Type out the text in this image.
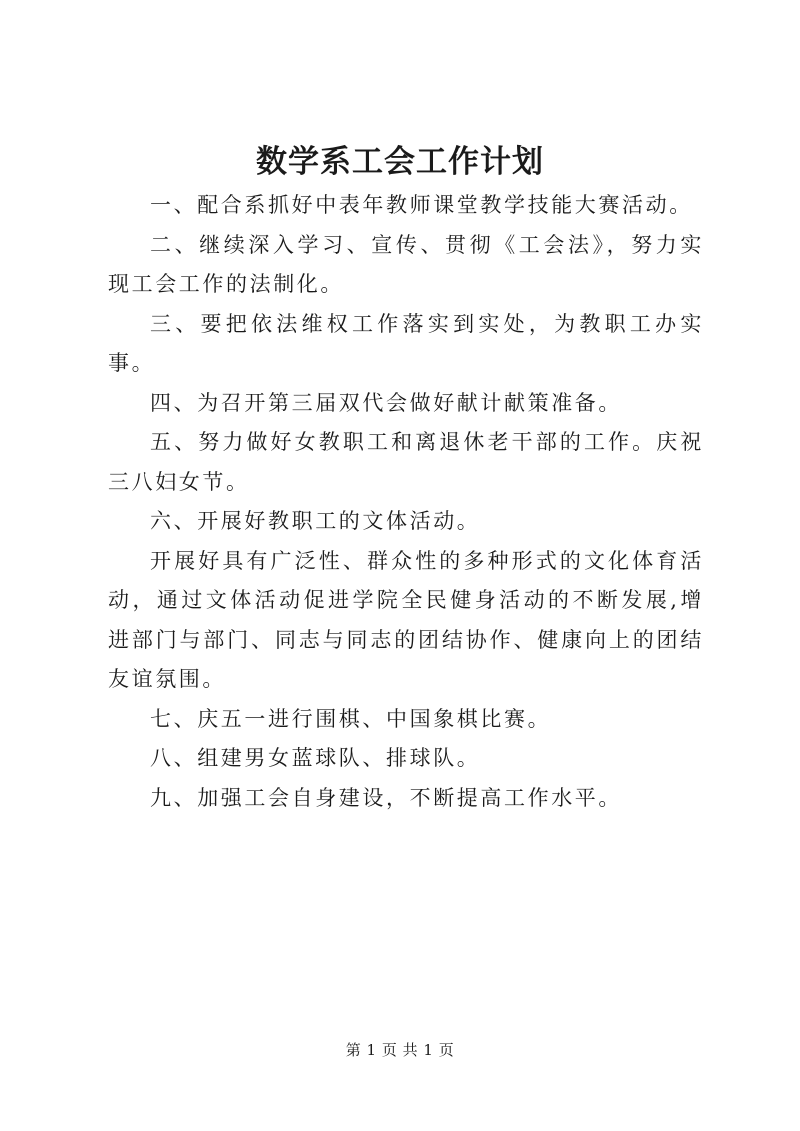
数学系工会工作计划

一、配合系抓好中表年教师课堂教学技能大赛活动。

二、继续深入学习、宣传、贯彻《工会法》，努力实现工会工作的法制化。

三、要把依法维权工作落实到实处，为教职工办实事。

四、为召开第三届双代会做好献计献策准备。

五、努力做好女教职工和离退休老干部的工作。庆祝三八妇女节。

六、开展好教职工的文体活动。

开展好具有广泛性、群众性的多种形式的文化体育活动，通过文体活动促进学院全民健身活动的不断发展,增进部门与部门、同志与同志的团结协作、健康向上的团结友谊氛围。

七、庆五一进行围棋、中国象棋比赛。

八、组建男女蓝球队、排球队。

九、加强工会自身建设，不断提高工作水平。

第 1 页 共 1 页
